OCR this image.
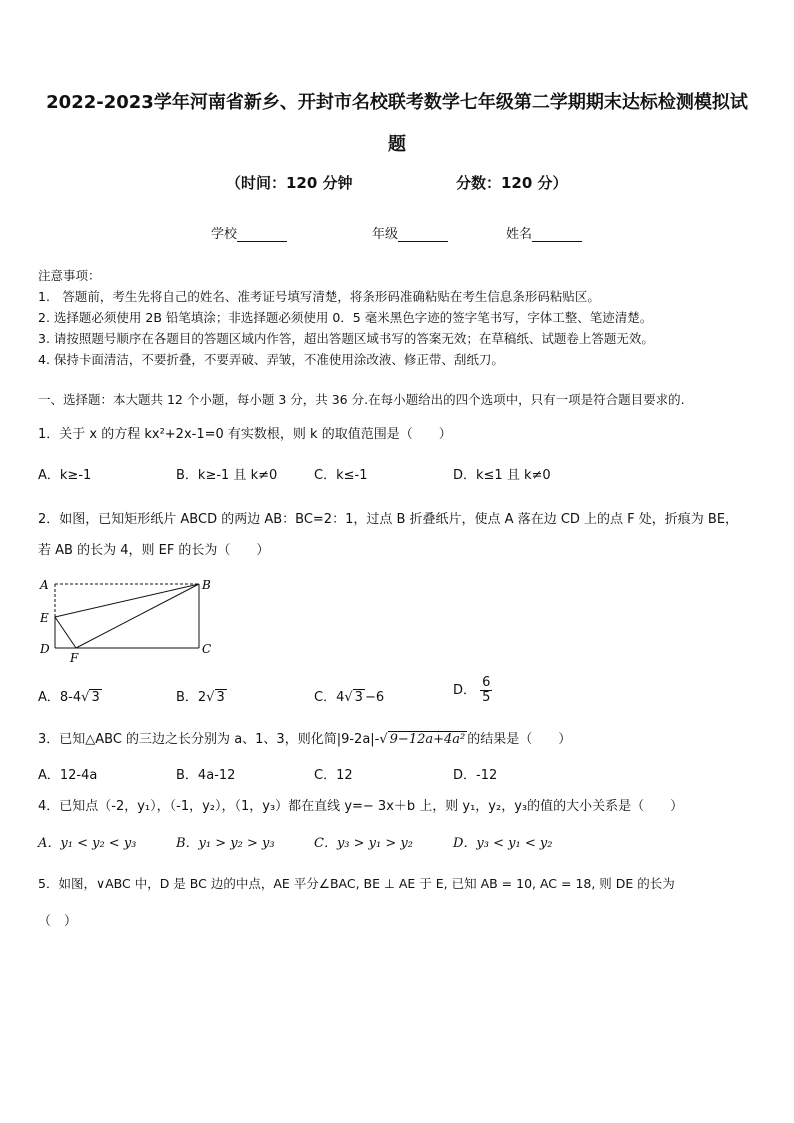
2022-2023学年河南省新乡、开封市名校联考数学七年级第二学期期末达标检测模拟试
题
（时间：120 分钟	分数：120 分）
学校	年级	姓名
注意事项：
1.　答题前，考生先将自己的姓名、准考证号填写清楚，将条形码准确粘贴在考生信息条形码粘贴区。
2. 选择题必须使用 2B 铅笔填涂；非选择题必须使用 0．5 毫米黑色字迹的签字笔书写，字体工整、笔迹清楚。
3. 请按照题号顺序在各题目的答题区域内作答，超出答题区域书写的答案无效；在草稿纸、试题卷上答题无效。
4. 保持卡面清洁，不要折叠，不要弄破、弄皱，不准使用涂改液、修正带、刮纸刀。
一、选择题：本大题共 12 个小题，每小题 3 分，共 36 分.在每小题给出的四个选项中，只有一项是符合题目要求的.
1．关于 x 的方程 kx²+2x-1=0 有实数根，则 k 的取值范围是（　　）
A．k≥-1	B．k≥-1 且 k≠0	C．k≤-1	D．k≤1 且 k≠0
2．如图，已知矩形纸片 ABCD 的两边 AB：BC=2：1，过点 B 折叠纸片，使点 A 落在边 CD 上的点 F 处，折痕为 BE，
若 AB 的长为 4，则 EF 的长为（　　）
A	B
E
D
F
C
A．8-4√ 3	B．2√ 3	C．4√ 3 −6	D． $\frac{6}{5}$
3．已知△ABC 的三边之长分别为 a、1、3，则化简|9-2a|-√ 9−12a+4a² 的结果是（　　）
A．12-4a	B．4a-12	C．12	D．-12
4．已知点（-2，y₁），（-1，y₂），（1，y₃）都在直线 y=− 3x＋b 上，则 y₁，y₂，y₃的值的大小关系是（　　）
A．y₁ < y₂ < y₃	B．y₁ > y₂ > y₃	C．y₃ > y₁ > y₂	D．y₃ < y₁ < y₂
5．如图，∨ABC 中，D 是 BC 边的中点，AE 平分∠BAC, BE ⊥ AE 于 E, 已知 AB = 10, AC = 18, 则 DE 的长为
（　）
